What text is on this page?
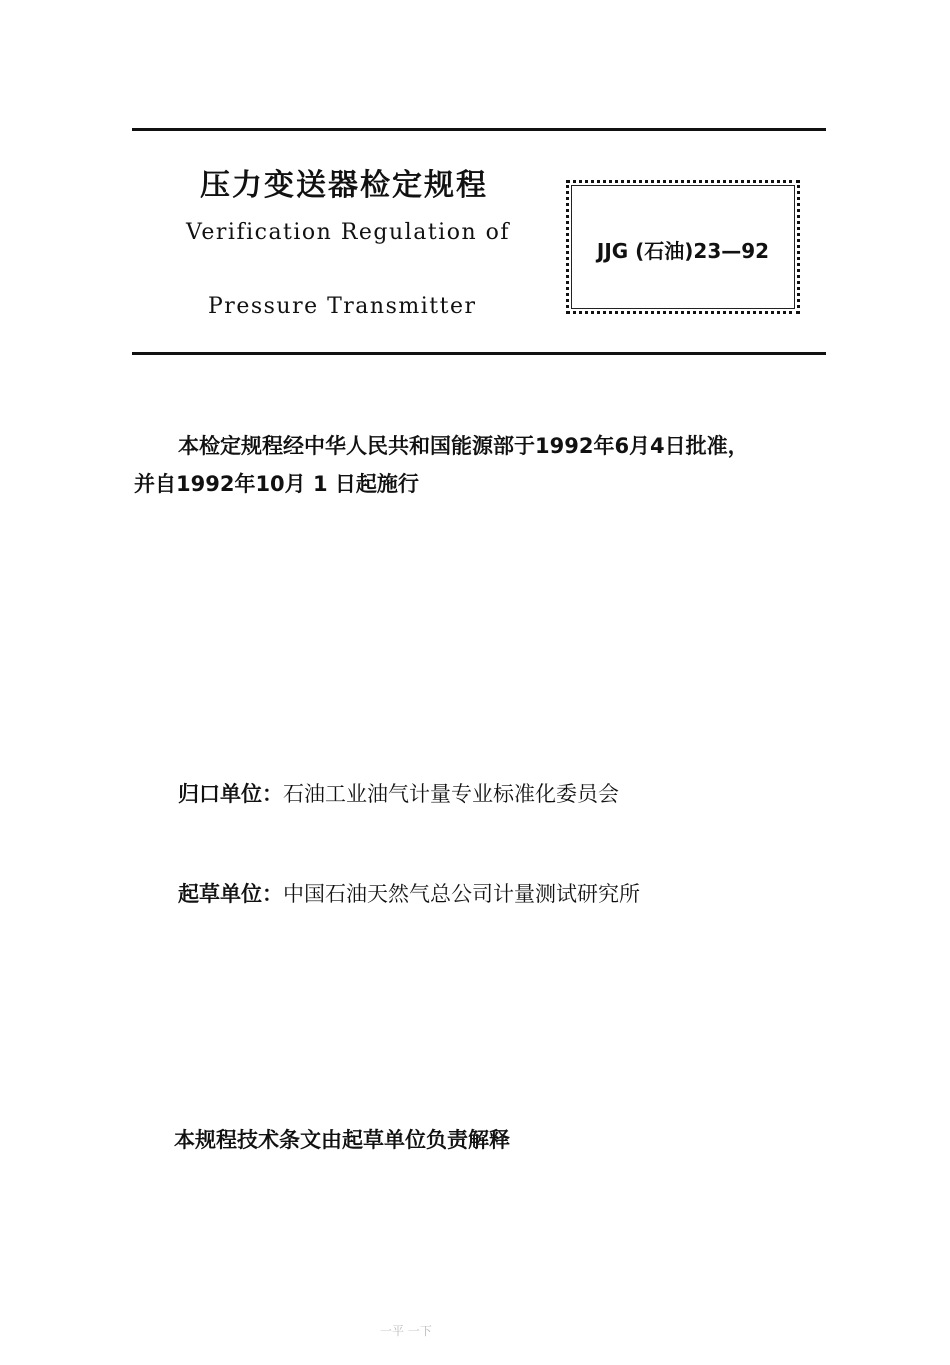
压力变送器检定规程
Verification Regulation of
Pressure Transmitter
JJG (石油)23—92
本检定规程经中华人民共和国能源部于1992年6月4日批准，
并自1992年10月 1 日起施行
归口单位：石油工业油气计量专业标准化委员会
起草单位：中国石油天然气总公司计量测试研究所
本规程技术条文由起草单位负责解释
一平 一下
